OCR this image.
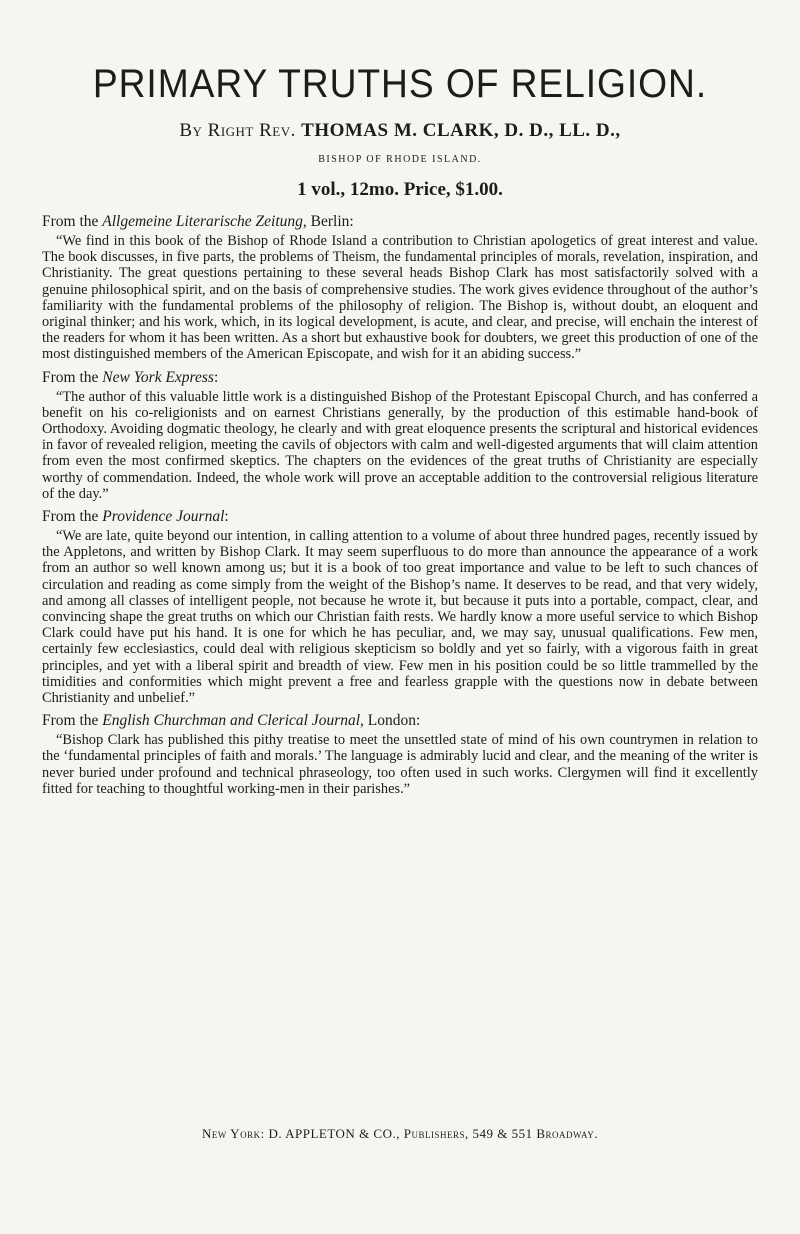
PRIMARY TRUTHS OF RELIGION.
By Right Rev. THOMAS M. CLARK, D. D., LL. D.,
BISHOP OF RHODE ISLAND.
1 vol., 12mo. Price, $1.00.
From the Allgemeine Literarische Zeitung, Berlin:

“We find in this book of the Bishop of Rhode Island a contribution to Christian apologetics of great interest and value. The book discusses, in five parts, the problems of Theism, the fundamental principles of morals, revelation, inspiration, and Christianity. The great questions pertaining to these several heads Bishop Clark has most satisfactorily solved with a genuine philosophical spirit, and on the basis of comprehensive studies. The work gives evidence throughout of the author’s familiarity with the fundamental problems of the philosophy of religion. The Bishop is, without doubt, an eloquent and original thinker; and his work, which, in its logical development, is acute, and clear, and precise, will enchain the interest of the readers for whom it has been written. As a short but exhaustive book for doubters, we greet this production of one of the most distinguished members of the American Episcopate, and wish for it an abiding success.”

From the New York Express:

“The author of this valuable little work is a distinguished Bishop of the Protestant Episcopal Church, and has conferred a benefit on his co-religionists and on earnest Christians generally, by the production of this estimable hand-book of Orthodoxy. Avoiding dogmatic theology, he clearly and with great eloquence presents the scriptural and historical evidences in favor of revealed religion, meeting the cavils of objectors with calm and well-digested arguments that will claim attention from even the most confirmed skeptics. The chapters on the evidences of the great truths of Christianity are especially worthy of commendation. Indeed, the whole work will prove an acceptable addition to the controversial religious literature of the day.”

From the Providence Journal:

“We are late, quite beyond our intention, in calling attention to a volume of about three hundred pages, recently issued by the Appletons, and written by Bishop Clark. It may seem superfluous to do more than announce the appearance of a work from an author so well known among us; but it is a book of too great importance and value to be left to such chances of circulation and reading as come simply from the weight of the Bishop’s name. It deserves to be read, and that very widely, and among all classes of intelligent people, not because he wrote it, but because it puts into a portable, compact, clear, and convincing shape the great truths on which our Christian faith rests. We hardly know a more useful service to which Bishop Clark could have put his hand. It is one for which he has peculiar, and, we may say, unusual qualifications. Few men, certainly few ecclesiastics, could deal with religious skepticism so boldly and yet so fairly, with a vigorous faith in great principles, and yet with a liberal spirit and breadth of view. Few men in his position could be so little trammelled by the timidities and conformities which might prevent a free and fearless grapple with the questions now in debate between Christianity and unbelief.”

From the English Churchman and Clerical Journal, London:

“Bishop Clark has published this pithy treatise to meet the unsettled state of mind of his own countrymen in relation to the ‘fundamental principles of faith and morals.’ The language is admirably lucid and clear, and the meaning of the writer is never buried under profound and technical phraseology, too often used in such works. Clergymen will find it excellently fitted for teaching to thoughtful working-men in their parishes.”

New York: D. APPLETON & CO., Publishers, 549 & 551 Broadway.
